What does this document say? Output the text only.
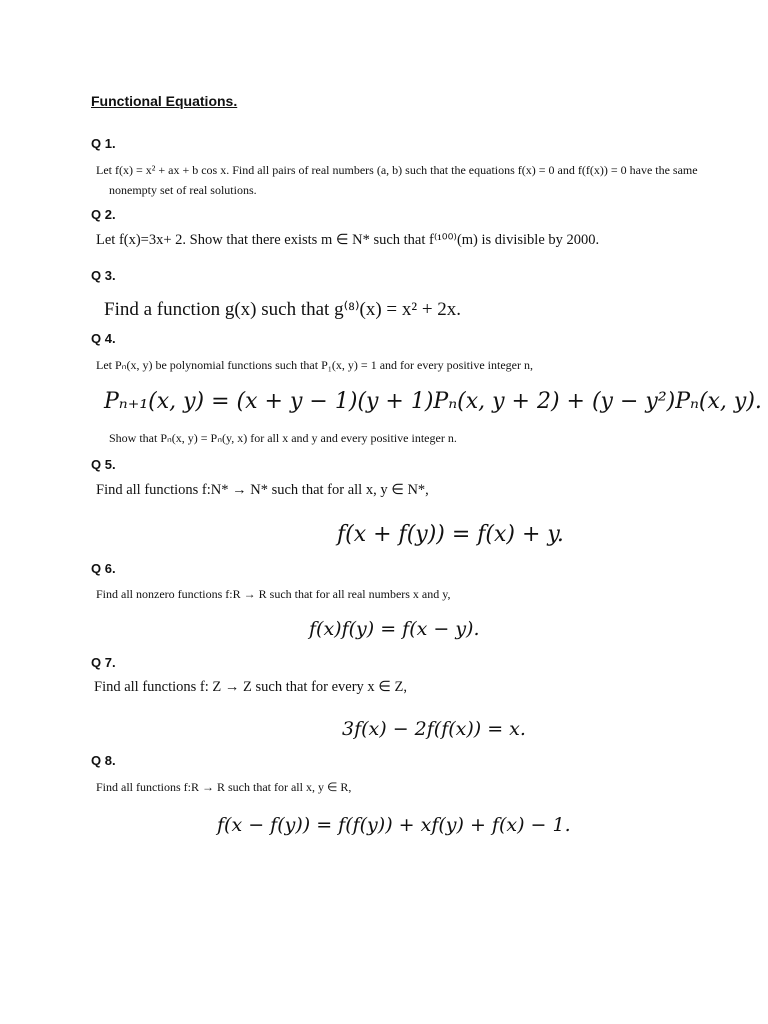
Functional Equations.

Q 1.

Let f(x) = x² + ax + b cos x. Find all pairs of real numbers (a, b) such that the equations f(x) = 0 and f(f(x)) = 0 have the same

nonempty set of real solutions.

Q 2.

Let f(x)=3x+ 2. Show that there exists m ∈ N* such that f⁽¹⁰⁰⁾(m) is divisible by 2000.

Q 3.

Find a function g(x) such that g⁽⁸⁾(x) = x² + 2x.

Q 4.

Let Pₙ(x, y) be polynomial functions such that P₁(x, y) = 1 and for every positive integer n,

Pₙ₊₁(x, y) = (x + y − 1)(y + 1)Pₙ(x, y + 2) + (y − y²)Pₙ(x, y).

Show that Pₙ(x, y) = Pₙ(y, x) for all x and y and every positive integer n.

Q 5.

Find all functions f:N* → N* such that for all x, y ∈ N*,

f(x + f(y)) = f(x) + y.

Q 6.

Find all nonzero functions f:R → R such that for all real numbers x and y,

f(x)f(y) = f(x − y).

Q 7.

Find all functions f: Z → Z such that for every x ∈ Z,

3f(x) − 2f(f(x)) = x.

Q 8.

Find all functions f:R → R such that for all x, y ∈ R,

f(x − f(y)) = f(f(y)) + xf(y) + f(x) − 1.
